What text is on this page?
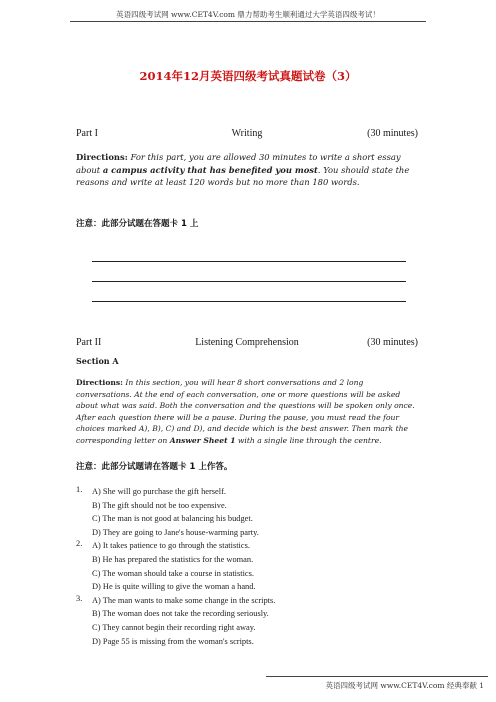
英语四级考试网 www.CET4V.com 鼎力帮助考生顺利通过大学英语四级考试！
2014年12月英语四级考试真题试卷（3）
Part I	Writing	(30 minutes)
Directions: For this part, you are allowed 30 minutes to write a short essay about a campus activity that has benefited you most. You should state the reasons and write at least 120 words but no more than 180 words.
注意：此部分试题在答题卡 1 上
Part II	Listening Comprehension	(30 minutes)
Section A
Directions: In this section, you will hear 8 short conversations and 2 long conversations. At the end of each conversation, one or more questions will be asked about what was said. Both the conversation and the questions will be spoken only once. After each question there will be a pause. During the pause, you must read the four choices marked A), B), C) and D), and decide which is the best answer. Then mark the corresponding letter on Answer Sheet 1 with a single line through the centre.
注意：此部分试题请在答题卡 1 上作答。
1. A) She will go purchase the gift herself.
B) The gift should not be too expensive.
C) The man is not good at balancing his budget.
D) They are going to Jane's house-warming party.
2. A) It takes patience to go through the statistics.
B) He has prepared the statistics for the woman.
C) The woman should take a course in statistics.
D) He is quite willing to give the woman a hand.
3. A) The man wants to make some change in the scripts.
B) The woman does not take the recording seriously.
C) They cannot begin their recording right away.
D) Page 55 is missing from the woman's scripts.
英语四级考试网 www.CET4V.com 经典奉献 1
